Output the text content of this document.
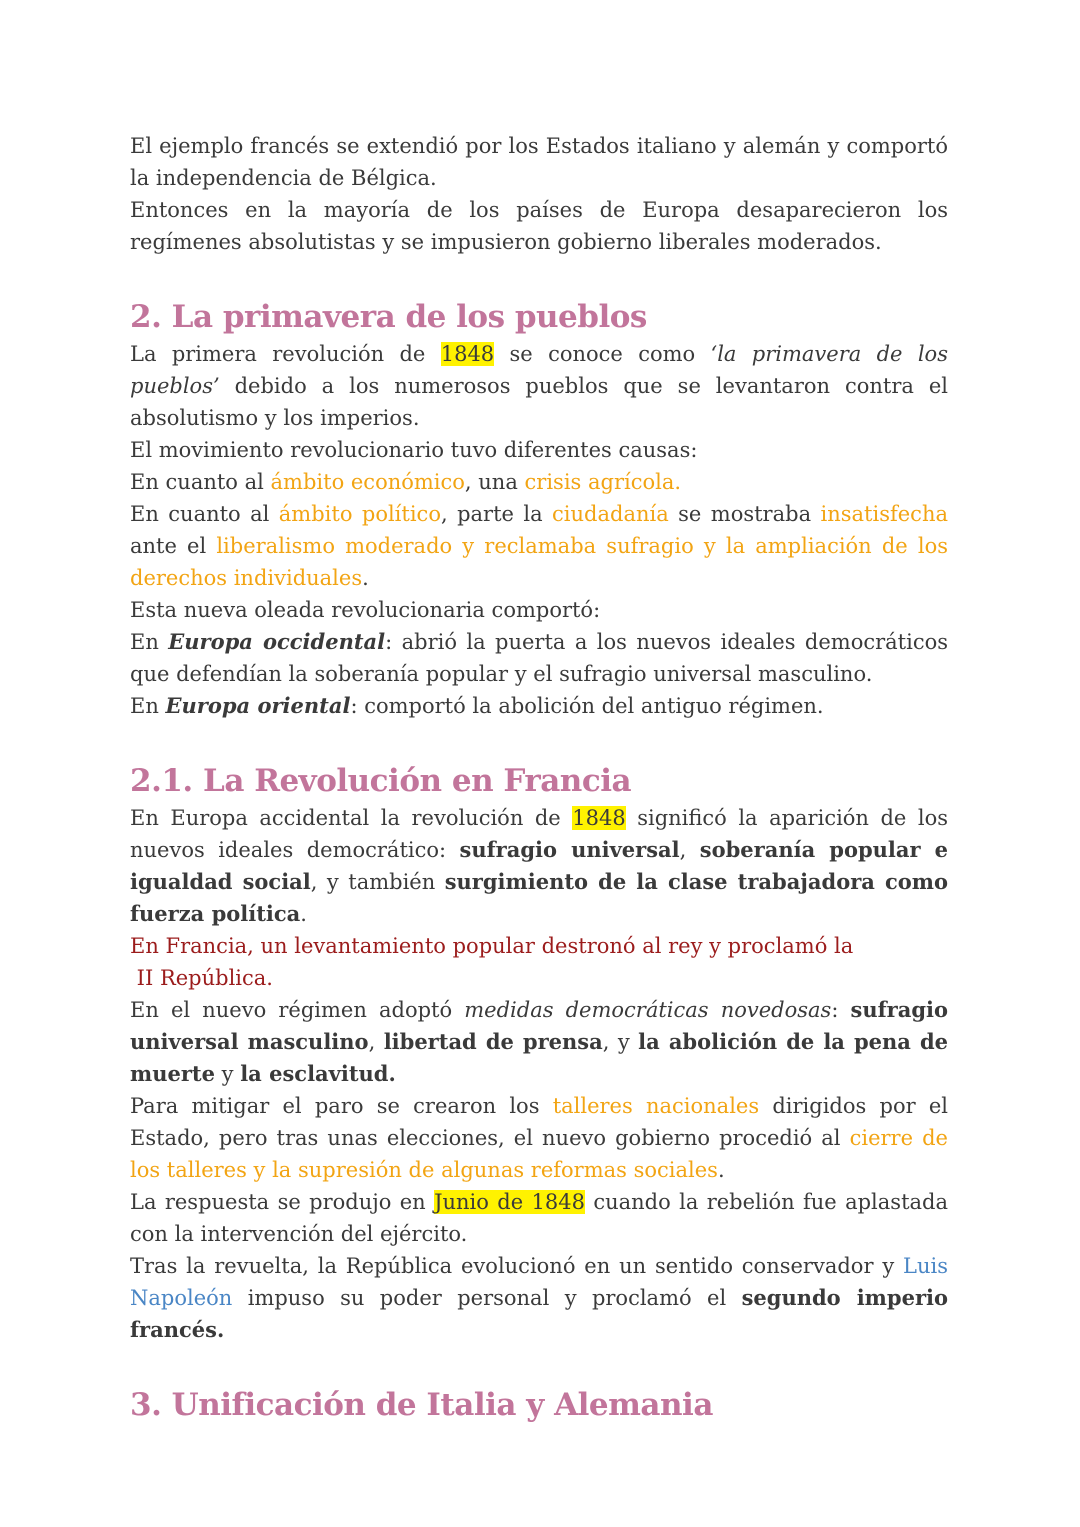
El ejemplo francés se extendió por los Estados italiano y alemán y comportó la independencia de Bélgica.

Entonces en la mayoría de los países de Europa desaparecieron los regímenes absolutistas y se impusieron gobierno liberales moderados.

2. La primavera de los pueblos

La primera revolución de 1848 se conoce como ‘la primavera de los pueblos’ debido a los numerosos pueblos que se levantaron contra el absolutismo y los imperios.

El movimiento revolucionario tuvo diferentes causas:

En cuanto al ámbito económico, una crisis agrícola.

En cuanto al ámbito político, parte la ciudadanía se mostraba insatisfecha ante el liberalismo moderado y reclamaba sufragio y la ampliación de los derechos individuales.

Esta nueva oleada revolucionaria comportó:

En Europa occidental: abrió la puerta a los nuevos ideales democráticos que defendían la soberanía popular y el sufragio universal masculino.

En Europa oriental: comportó la abolición del antiguo régimen.

2.1. La Revolución en Francia

En Europa accidental la revolución de 1848 significó la aparición de los nuevos ideales democrático: sufragio universal, soberanía popular e igualdad social, y también surgimiento de la clase trabajadora como fuerza política.

En Francia, un levantamiento popular destronó al rey y proclamó la

II República.

En el nuevo régimen adoptó medidas democráticas novedosas: sufragio universal masculino, libertad de prensa, y la abolición de la pena de muerte y la esclavitud.

Para mitigar el paro se crearon los talleres nacionales dirigidos por el Estado, pero tras unas elecciones, el nuevo gobierno procedió al cierre de los talleres y la supresión de algunas reformas sociales.

La respuesta se produjo en Junio de 1848 cuando la rebelión fue aplastada con la intervención del ejército.

Tras la revuelta, la República evolucionó en un sentido conservador y Luis Napoleón impuso su poder personal y proclamó el segundo imperio francés.

3. Unificación de Italia y Alemania
